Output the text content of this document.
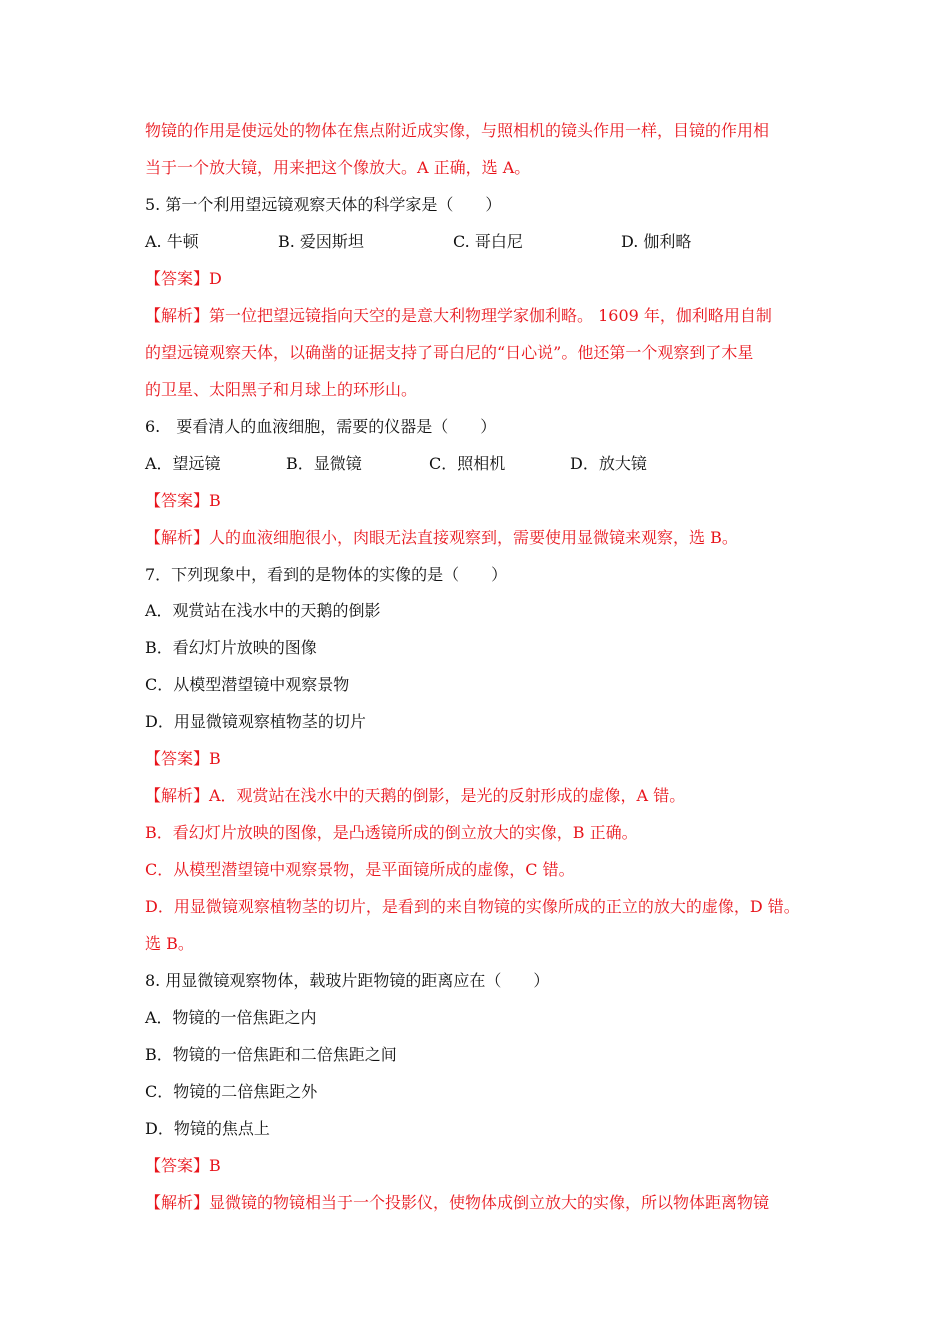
物镜的作用是使远处的物体在焦点附近成实像，与照相机的镜头作用一样，目镜的作用相
当于一个放大镜，用来把这个像放大。A 正确，选 A。
5. 第一个利用望远镜观察天体的科学家是（　　）
A. 牛顿	B. 爱因斯坦	C. 哥白尼	D. 伽利略
【答案】D
【解析】第一位把望远镜指向天空的是意大利物理学家伽利略。 1609 年，伽利略用自制
的望远镜观察天体，以确凿的证据支持了哥白尼的“日心说”。他还第一个观察到了木星
的卫星、太阳黑子和月球上的环形山。
6.　要看清人的血液细胞，需要的仪器是（　　）
A．望远镜	B．显微镜	C．照相机	D．放大镜
【答案】B
【解析】人的血液细胞很小，肉眼无法直接观察到，需要使用显微镜来观察，选 B。
7．下列现象中，看到的是物体的实像的是（　　）
A．观赏站在浅水中的天鹅的倒影
B．看幻灯片放映的图像
C．从模型潜望镜中观察景物
D．用显微镜观察植物茎的切片
【答案】B
【解析】A．观赏站在浅水中的天鹅的倒影，是光的反射形成的虚像，A 错。
B．看幻灯片放映的图像，是凸透镜所成的倒立放大的实像，B 正确。
C．从模型潜望镜中观察景物，是平面镜所成的虚像，C 错。
D．用显微镜观察植物茎的切片，是看到的来自物镜的实像所成的正立的放大的虚像，D 错。
选 B。
8. 用显微镜观察物体，载玻片距物镜的距离应在（　　）
A．物镜的一倍焦距之内
B．物镜的一倍焦距和二倍焦距之间
C．物镜的二倍焦距之外
D．物镜的焦点上
【答案】B
【解析】显微镜的物镜相当于一个投影仪，使物体成倒立放大的实像，所以物体距离物镜
